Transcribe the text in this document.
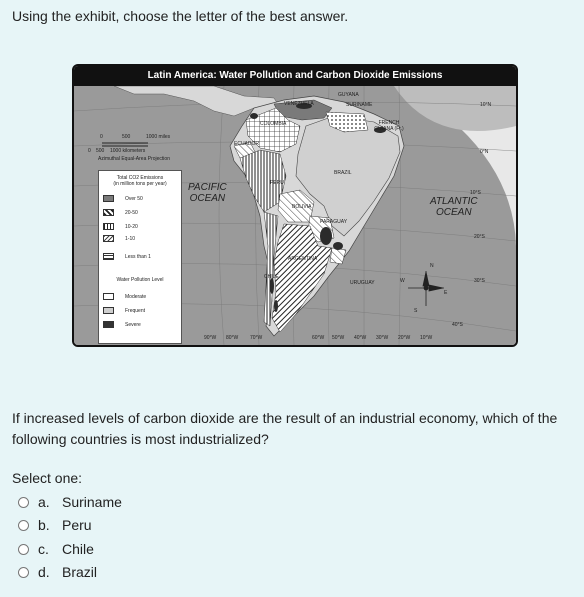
Using the exhibit, choose the letter of the best answer.
Latin America: Water Pollution and Carbon Dioxide Emissions
VENEZUELA
GUYANA
SURINAME
FRENCH GUIANA (Fr.)
COLOMBIA
ECUADOR
PERU
BRAZIL
BOLIVIA
PARAGUAY
ARGENTINA
CHILE
URUGUAY
PACIFIC
OCEAN	ATLANTIC
OCEAN
10°N
0°N
10°S
20°S
30°S
40°S
90°W 80°W 70°W	60°W 50°W 40°W 30°W 20°W 10°W
N
E
S
W
0	500	1000 miles
0 500 1000 kilometers
Azimuthal Equal-Area Projection
Total CO2 Emissions
(in million tons per year)
Over 50
20-50
10-20
1-10
Less than 1
Water Pollution Level
Moderate
Frequent
Severe
If increased levels of carbon dioxide are the result of an industrial economy, which of the following countries is most industrialized?
Select one:
a. Suriname
b. Peru
c. Chile
d. Brazil
